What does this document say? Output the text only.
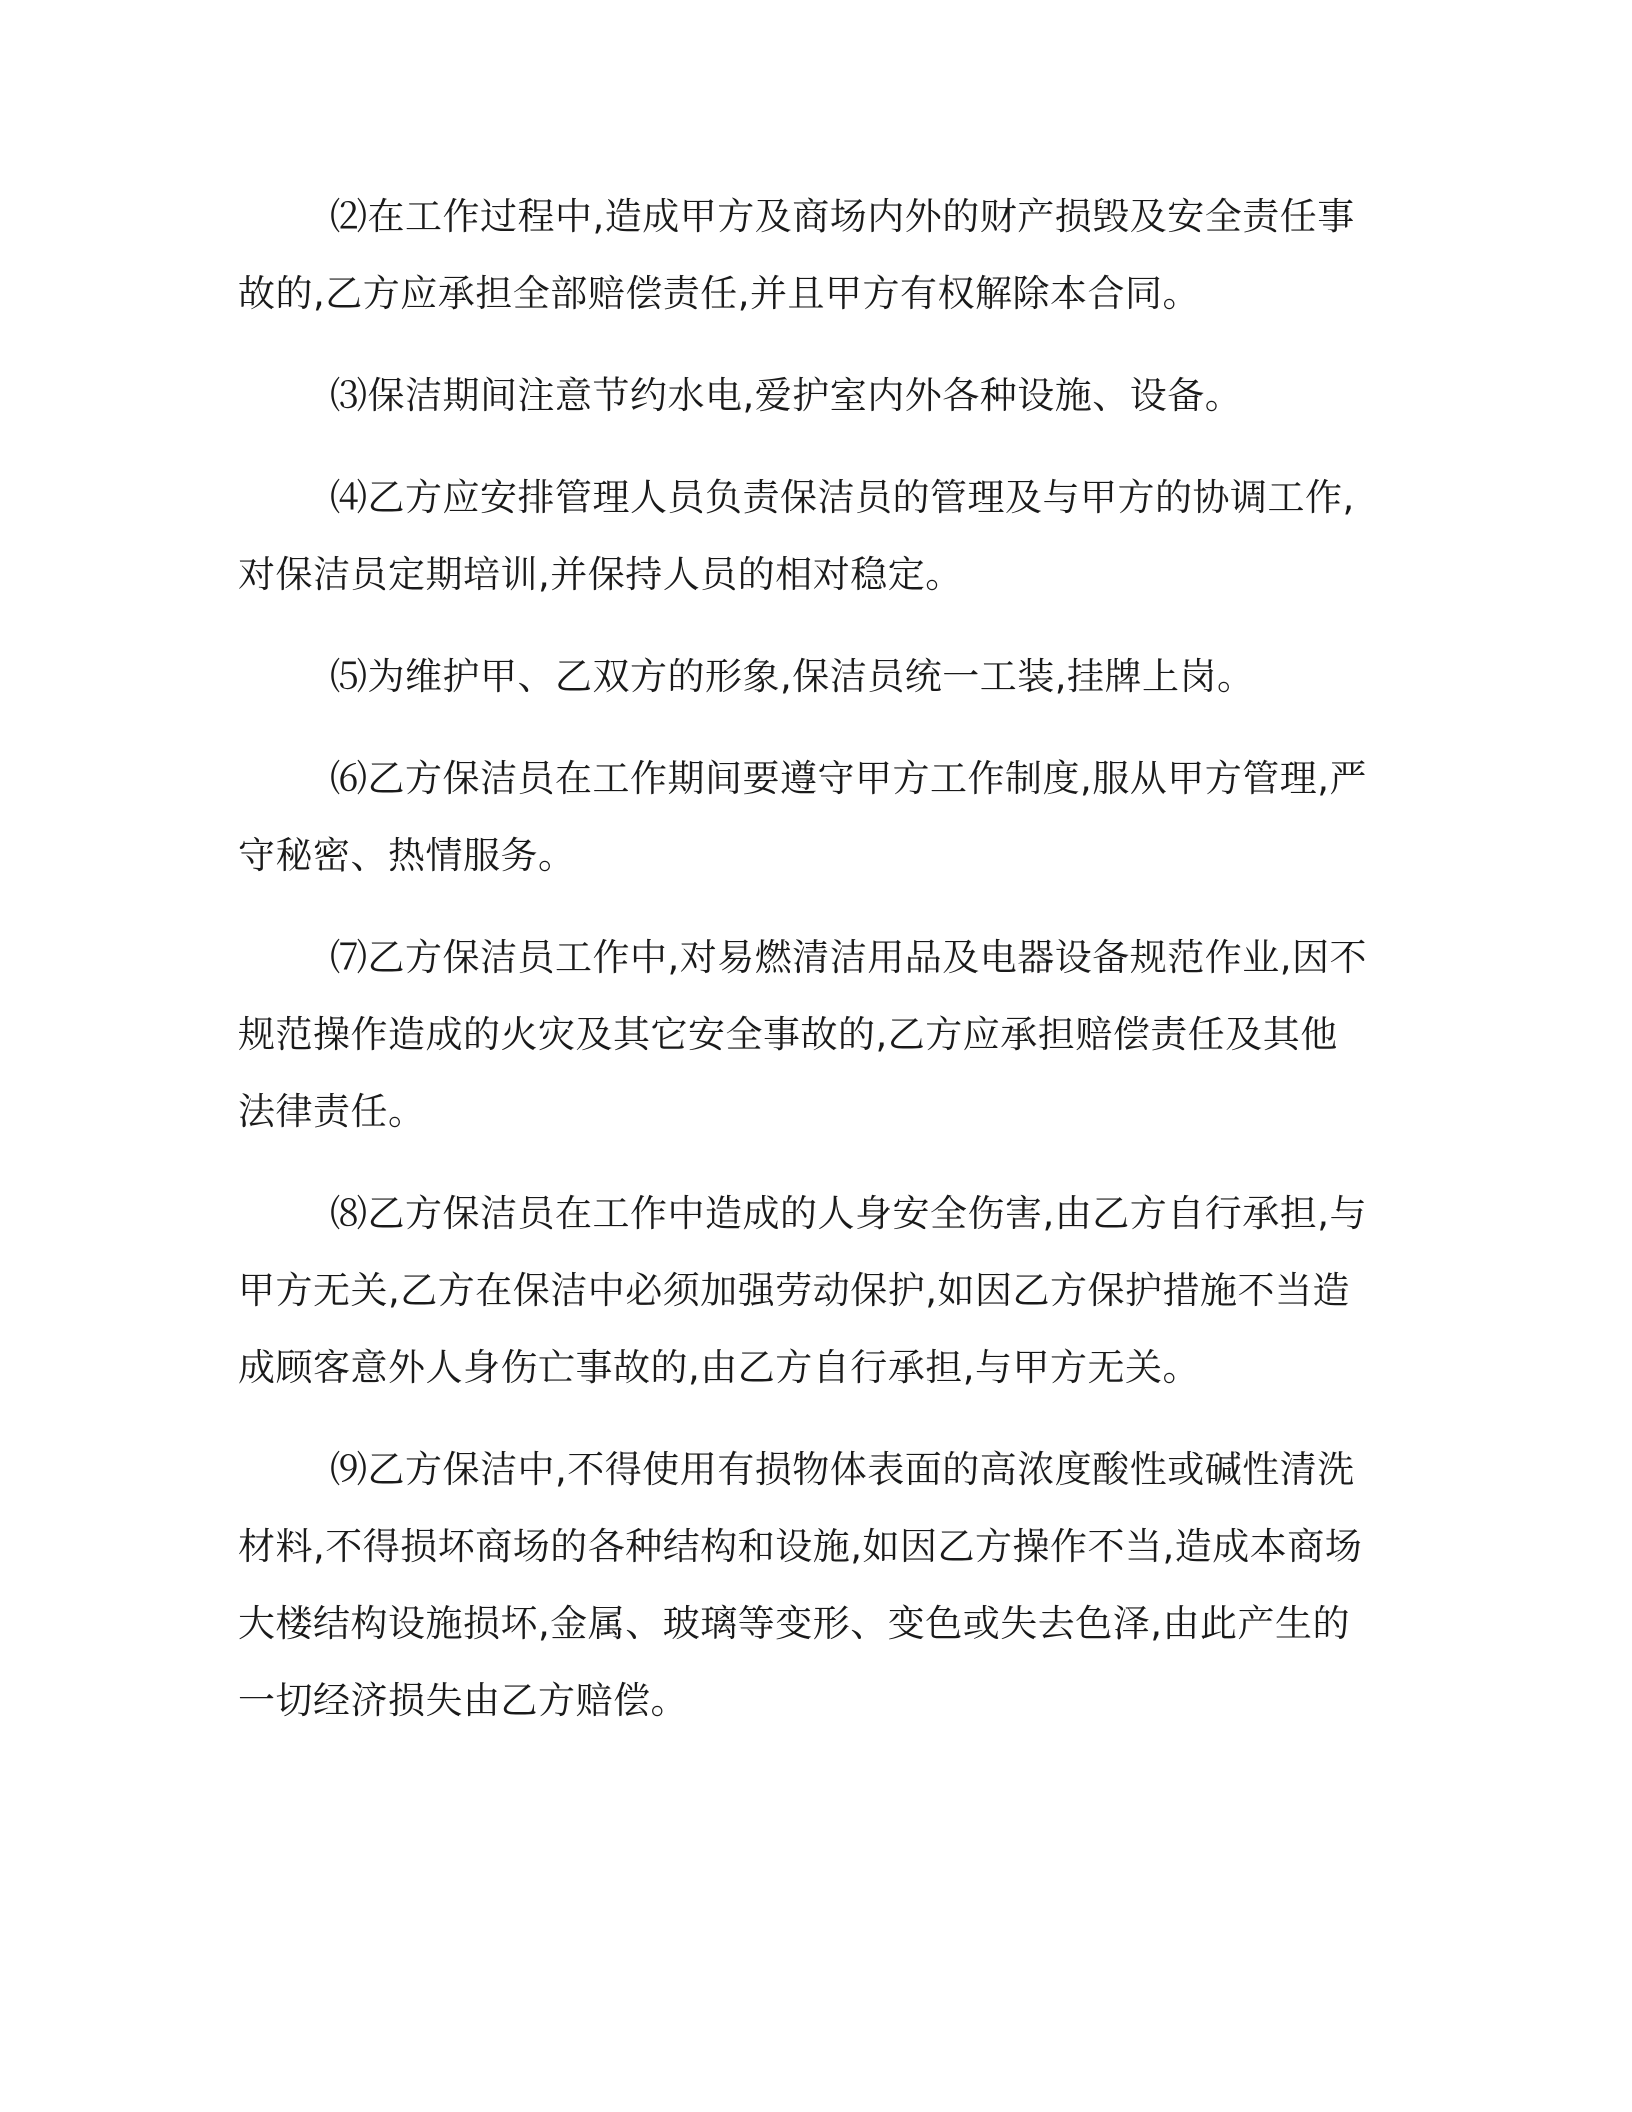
⑵在工作过程中,造成甲方及商场内外的财产损毁及安全责任事故的,乙方应承担全部赔偿责任,并且甲方有权解除本合同。

⑶保洁期间注意节约水电,爱护室内外各种设施、设备。

⑷乙方应安排管理人员负责保洁员的管理及与甲方的协调工作,对保洁员定期培训,并保持人员的相对稳定。

⑸为维护甲、乙双方的形象,保洁员统一工装,挂牌上岗。

⑹乙方保洁员在工作期间要遵守甲方工作制度,服从甲方管理,严守秘密、热情服务。

⑺乙方保洁员工作中,对易燃清洁用品及电器设备规范作业,因不规范操作造成的火灾及其它安全事故的,乙方应承担赔偿责任及其他法律责任。

⑻乙方保洁员在工作中造成的人身安全伤害,由乙方自行承担,与甲方无关,乙方在保洁中必须加强劳动保护,如因乙方保护措施不当造成顾客意外人身伤亡事故的,由乙方自行承担,与甲方无关。

⑼乙方保洁中,不得使用有损物体表面的高浓度酸性或碱性清洗材料,不得损坏商场的各种结构和设施,如因乙方操作不当,造成本商场大楼结构设施损坏,金属、玻璃等变形、变色或失去色泽,由此产生的一切经济损失由乙方赔偿。
